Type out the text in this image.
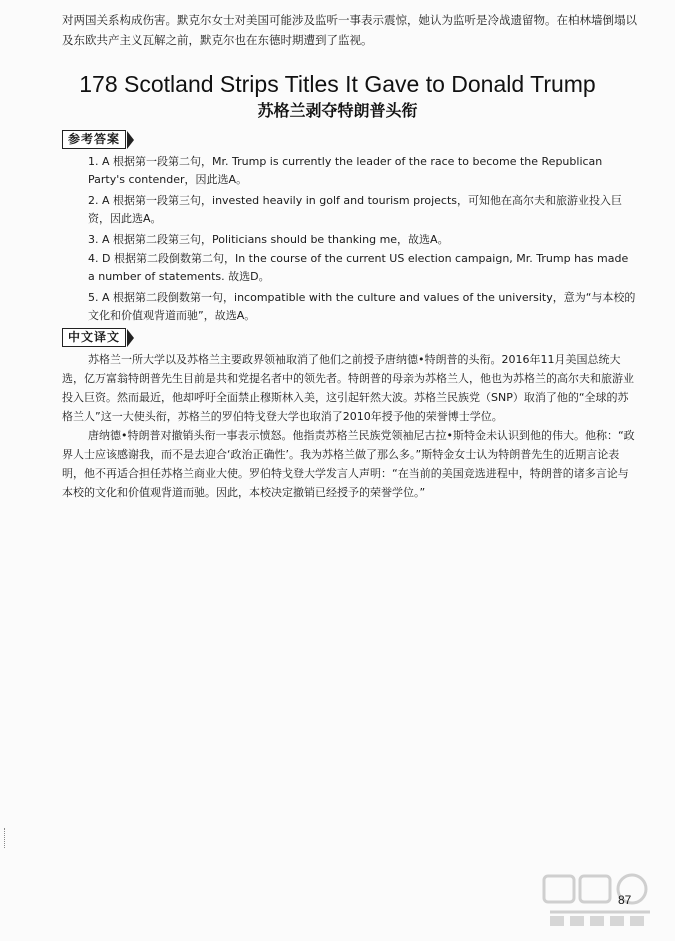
对两国关系构成伤害。默克尔女士对美国可能涉及监听一事表示震惊，她认为监听是冷战遗留物。在柏林墙倒塌以及东欧共产主义瓦解之前，默克尔也在东德时期遭到了监视。
178 Scotland Strips Titles It Gave to Donald Trump
苏格兰剥夺特朗普头衔
参考答案
1. A 根据第一段第二句，Mr. Trump is currently the leader of the race to become the Republican Party's contender，因此选A。
2. A 根据第一段第三句，invested heavily in golf and tourism projects，可知他在高尔夫和旅游业投入巨资，因此选A。
3. A 根据第二段第三句，Politicians should be thanking me，故选A。
4. D 根据第二段倒数第二句，In the course of the current US election campaign, Mr. Trump has made a number of statements. 故选D。
5. A 根据第二段倒数第一句，incompatible with the culture and values of the university，意为“与本校的文化和价值观背道而驰”，故选A。
中文译文
苏格兰一所大学以及苏格兰主要政界领袖取消了他们之前授予唐纳德•特朗普的头衔。2016年11月美国总统大选，亿万富翁特朗普先生目前是共和党提名者中的领先者。特朗普的母亲为苏格兰人，他也为苏格兰的高尔夫和旅游业投入巨资。然而最近，他却呼吁全面禁止穆斯林入美，这引起轩然大波。苏格兰民族党（SNP）取消了他的“全球的苏格兰人”这一大使头衔，苏格兰的罗伯特戈登大学也取消了2010年授予他的荣誉博士学位。
唐纳德•特朗普对撤销头衔一事表示愤怒。他指责苏格兰民族党领袖尼古拉•斯特金未认识到他的伟大。他称：“政界人士应该感谢我，而不是去迎合‘政治正确性’。我为苏格兰做了那么多。”斯特金女士认为特朗普先生的近期言论表明，他不再适合担任苏格兰商业大使。罗伯特戈登大学发言人声明：“在当前的美国竞选进程中，特朗普的诸多言论与本校的文化和价值观背道而驰。因此，本校决定撤销已经授予的荣誉学位。”
87
